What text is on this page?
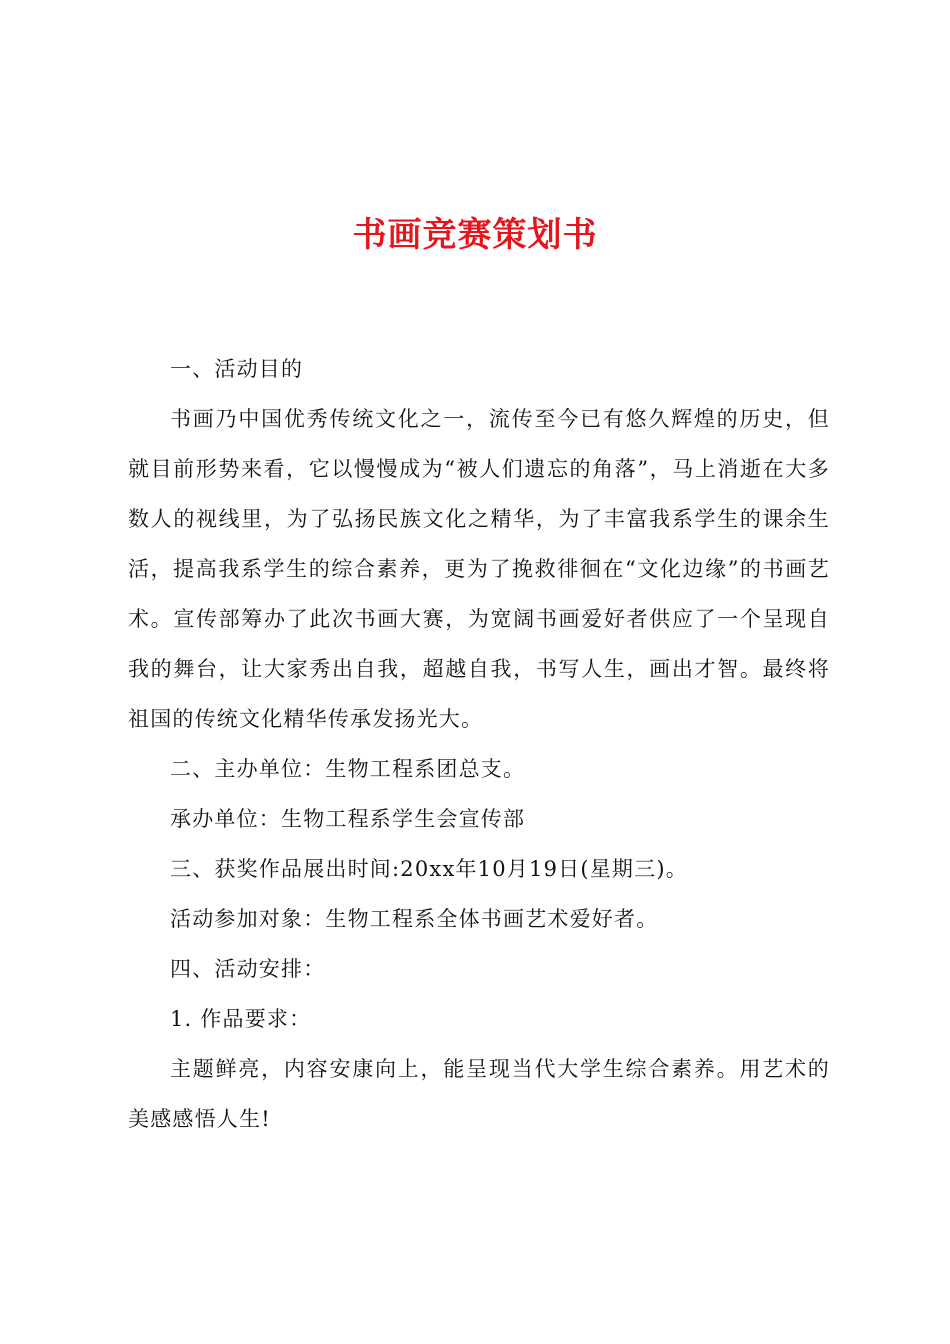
书画竞赛策划书

一、活动目的

书画乃中国优秀传统文化之一，流传至今已有悠久辉煌的历史，但就目前形势来看，它以慢慢成为“被人们遗忘的角落”，马上消逝在大多数人的视线里，为了弘扬民族文化之精华，为了丰富我系学生的课余生活，提高我系学生的综合素养，更为了挽救徘徊在“文化边缘”的书画艺术。宣传部筹办了此次书画大赛，为宽阔书画爱好者供应了一个呈现自我的舞台，让大家秀出自我，超越自我，书写人生，画出才智。最终将祖国的传统文化精华传承发扬光大。

二、主办单位：生物工程系团总支。

承办单位：生物工程系学生会宣传部

三、获奖作品展出时间:20xx年10月19日(星期三)。

活动参加对象：生物工程系全体书画艺术爱好者。

四、活动安排：

1. 作品要求：

主题鲜亮，内容安康向上，能呈现当代大学生综合素养。用艺术的美感感悟人生!
